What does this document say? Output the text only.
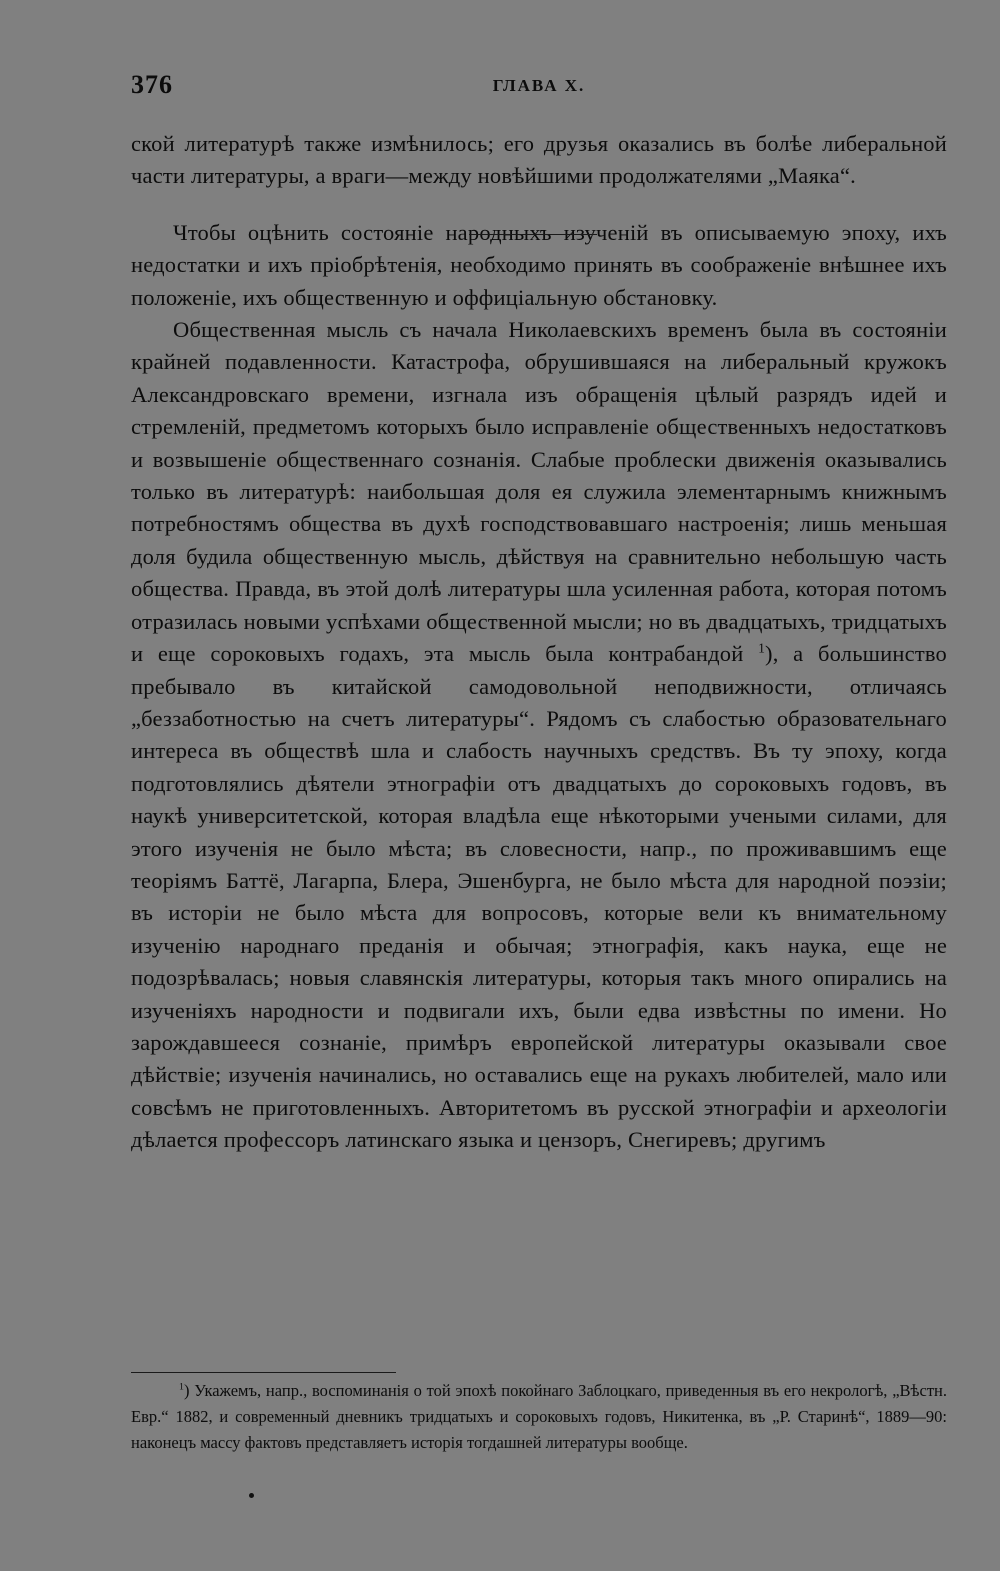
376	ГЛАВА X.

ской литературѣ также измѣнилось; его друзья оказались въ болѣе либеральной части литературы, а враги—между новѣйшими продолжателями „Маяка“.

Чтобы оцѣнить состояніе народныхъ изученій въ описываемую эпоху, ихъ недостатки и ихъ пріобрѣтенія, необходимо принять въ соображеніе внѣшнее ихъ положеніе, ихъ общественную и оффиціальную обстановку.

Общественная мысль съ начала Николаевскихъ временъ была въ состояніи крайней подавленности. Катастрофа, обрушившаяся на либеральный кружокъ Александровскаго времени, изгнала изъ обращенія цѣлый разрядъ идей и стремленій, предметомъ которыхъ было исправленіе общественныхъ недостатковъ и возвышеніе общественнаго сознанія. Слабые проблески движенія оказывались только въ литературѣ: наибольшая доля ея служила элементарнымъ книжнымъ потребностямъ общества въ духѣ господствовавшаго настроенія; лишь меньшая доля будила общественную мысль, дѣйствуя на сравнительно небольшую часть общества. Правда, въ этой долѣ литературы шла усиленная работа, которая потомъ отразилась новыми успѣхами общественной мысли; но въ двадцатыхъ, тридцатыхъ и еще сороковыхъ годахъ, эта мысль была контрабандой $^1$), а большинство пребывало въ китайской самодовольной неподвижности, отличаясь „беззаботностью на счетъ литературы“. Рядомъ съ слабостью образовательнаго интереса въ обществѣ шла и слабость научныхъ средствъ. Въ ту эпоху, когда подготовлялись дѣятели этнографіи отъ двадцатыхъ до сороковыхъ годовъ, въ наукѣ университетской, которая владѣла еще нѣкоторыми учеными силами, для этого изученія не было мѣста; въ словесности, напр., по проживавшимъ еще теоріямъ Баттё, Лагарпа, Блера, Эшенбурга, не было мѣста для народной поэзіи; въ исторіи не было мѣста для вопросовъ, которые вели къ внимательному изученію народнаго преданія и обычая; этнографія, какъ наука, еще не подозрѣвалась; новыя славянскія литературы, которыя такъ много опирались на изученіяхъ народности и подвигали ихъ, были едва извѣстны по имени. Но зарождавшееся сознаніе, примѣръ европейской литературы оказывали свое дѣйствіе; изученія начинались, но оставались еще на рукахъ любителей, мало или совсѣмъ не приготовленныхъ. Авторитетомъ въ русской этнографіи и археологіи дѣлается профессоръ латинскаго языка и цензоръ, Снегиревъ; другимъ

$^1$) Укажемъ, напр., воспоминанія о той эпохѣ покойнаго Заблоцкаго, приведенныя въ его некрологѣ, „Вѣстн. Евр.“ 1882, и современный дневникъ тридцатыхъ и сороковыхъ годовъ, Никитенка, въ „Р. Старинѣ“, 1889—90: наконецъ массу фактовъ представляетъ исторія тогдашней литературы вообще.
